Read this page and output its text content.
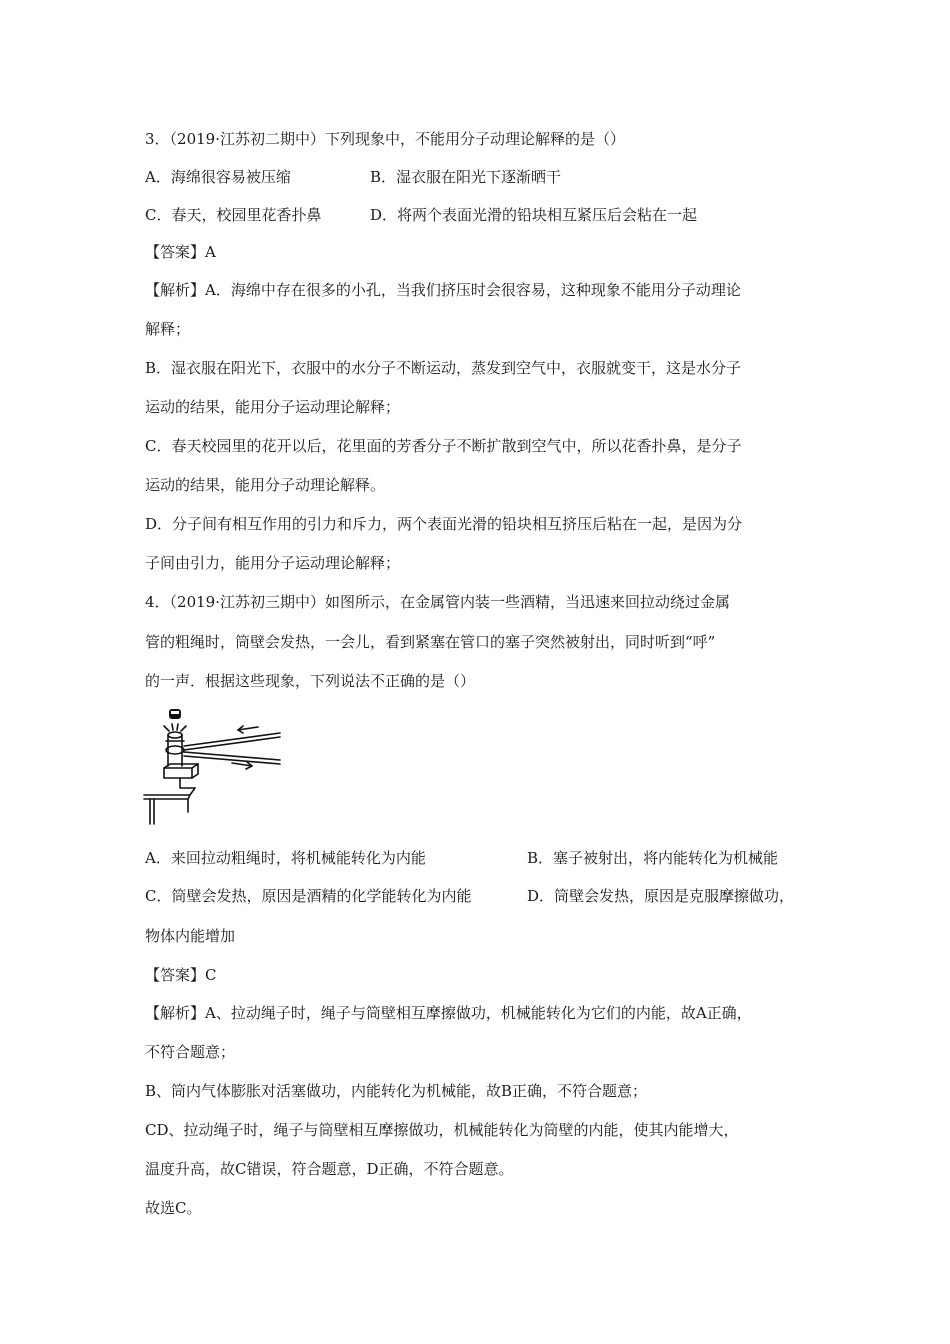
3．（2019·江苏初二期中）下列现象中，不能用分子动理论解释的是（）
A．海绵很容易被压缩	B．湿衣服在阳光下逐渐晒干
C．春天，校园里花香扑鼻	D．将两个表面光滑的铅块相互紧压后会粘在一起
【答案】A
【解析】A．海绵中存在很多的小孔，当我们挤压时会很容易，这种现象不能用分子动理论
解释；
B．湿衣服在阳光下，衣服中的水分子不断运动，蒸发到空气中，衣服就变干，这是水分子
运动的结果，能用分子运动理论解释；
C．春天校园里的花开以后，花里面的芳香分子不断扩散到空气中，所以花香扑鼻，是分子
运动的结果，能用分子动理论解释。
D．分子间有相互作用的引力和斥力，两个表面光滑的铅块相互挤压后粘在一起，是因为分
子间由引力，能用分子运动理论解释；
4．（2019·江苏初三期中）如图所示，在金属管内装一些酒精，当迅速来回拉动绕过金属
管的粗绳时，筒壁会发热，一会儿，看到紧塞在管口的塞子突然被射出，同时听到“呼”
的一声．根据这些现象，下列说法不正确的是（）
A．来回拉动粗绳时，将机械能转化为内能	B．塞子被射出，将内能转化为机械能
C．筒壁会发热，原因是酒精的化学能转化为内能	D．筒壁会发热，原因是克服摩擦做功，
物体内能增加
【答案】C
【解析】A、拉动绳子时，绳子与筒壁相互摩擦做功，机械能转化为它们的内能，故A正确，
不符合题意；
B、筒内气体膨胀对活塞做功，内能转化为机械能，故B正确，不符合题意；
CD、拉动绳子时，绳子与筒壁相互摩擦做功，机械能转化为筒壁的内能，使其内能增大，
温度升高，故C错误，符合题意，D正确，不符合题意。
故选C。
